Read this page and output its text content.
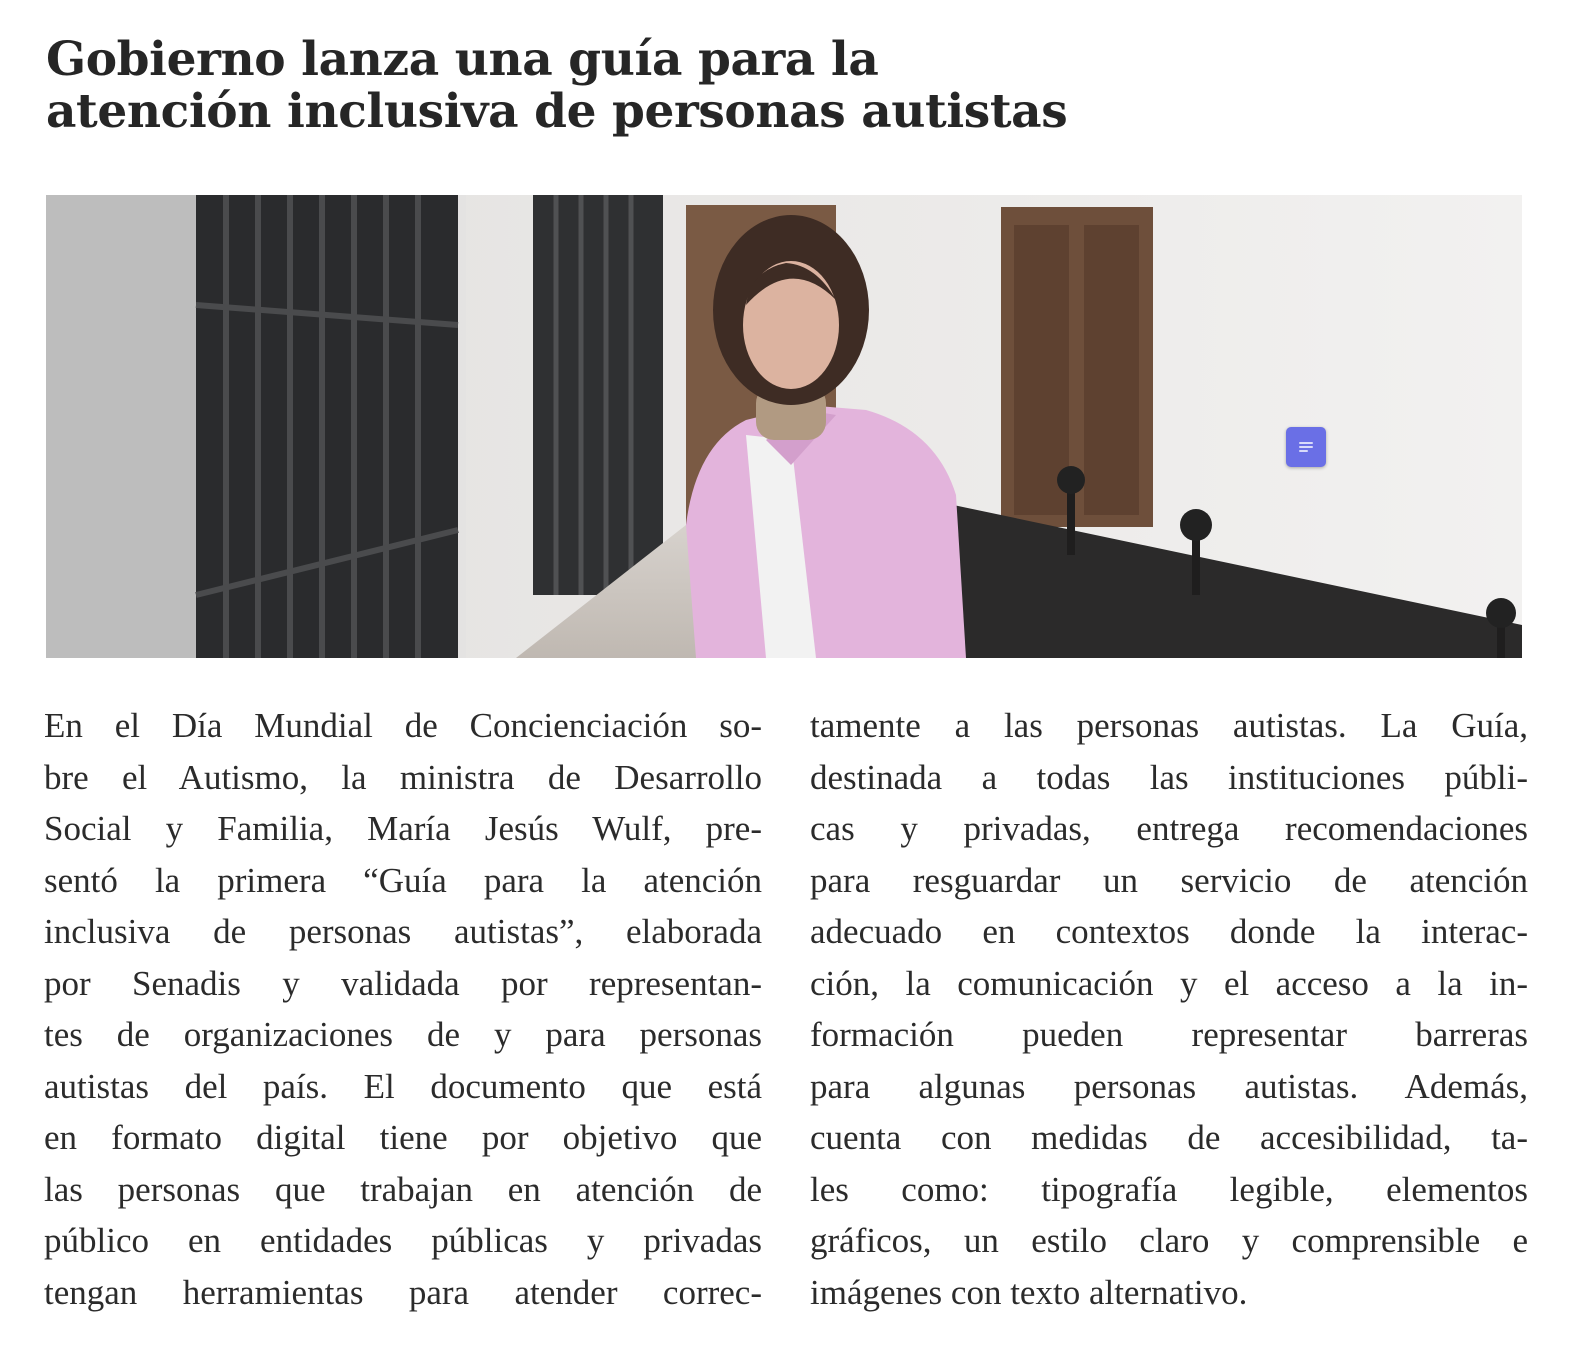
Gobierno lanza una guía para la
atención inclusiva de personas autistas
En el Día Mundial de Concienciación so-
bre el Autismo, la ministra de Desarrollo
Social y Familia, María Jesús Wulf, pre-
sentó la primera “Guía para la atención
inclusiva de personas autistas”, elaborada
por Senadis y validada por representan-
tes de organizaciones de y para personas
autistas del país. El documento que está
en formato digital tiene por objetivo que
las personas que trabajan en atención de
público en entidades públicas y privadas
tengan herramientas para atender correc-
tamente a las personas autistas. La Guía,
destinada a todas las instituciones públi-
cas y privadas, entrega recomendaciones
para resguardar un servicio de atención
adecuado en contextos donde la interac-
ción, la comunicación y el acceso a la in-
formación pueden representar barreras
para algunas personas autistas. Además,
cuenta con medidas de accesibilidad, ta-
les como: tipografía legible, elementos
gráficos, un estilo claro y comprensible e
imágenes con texto alternativo.
